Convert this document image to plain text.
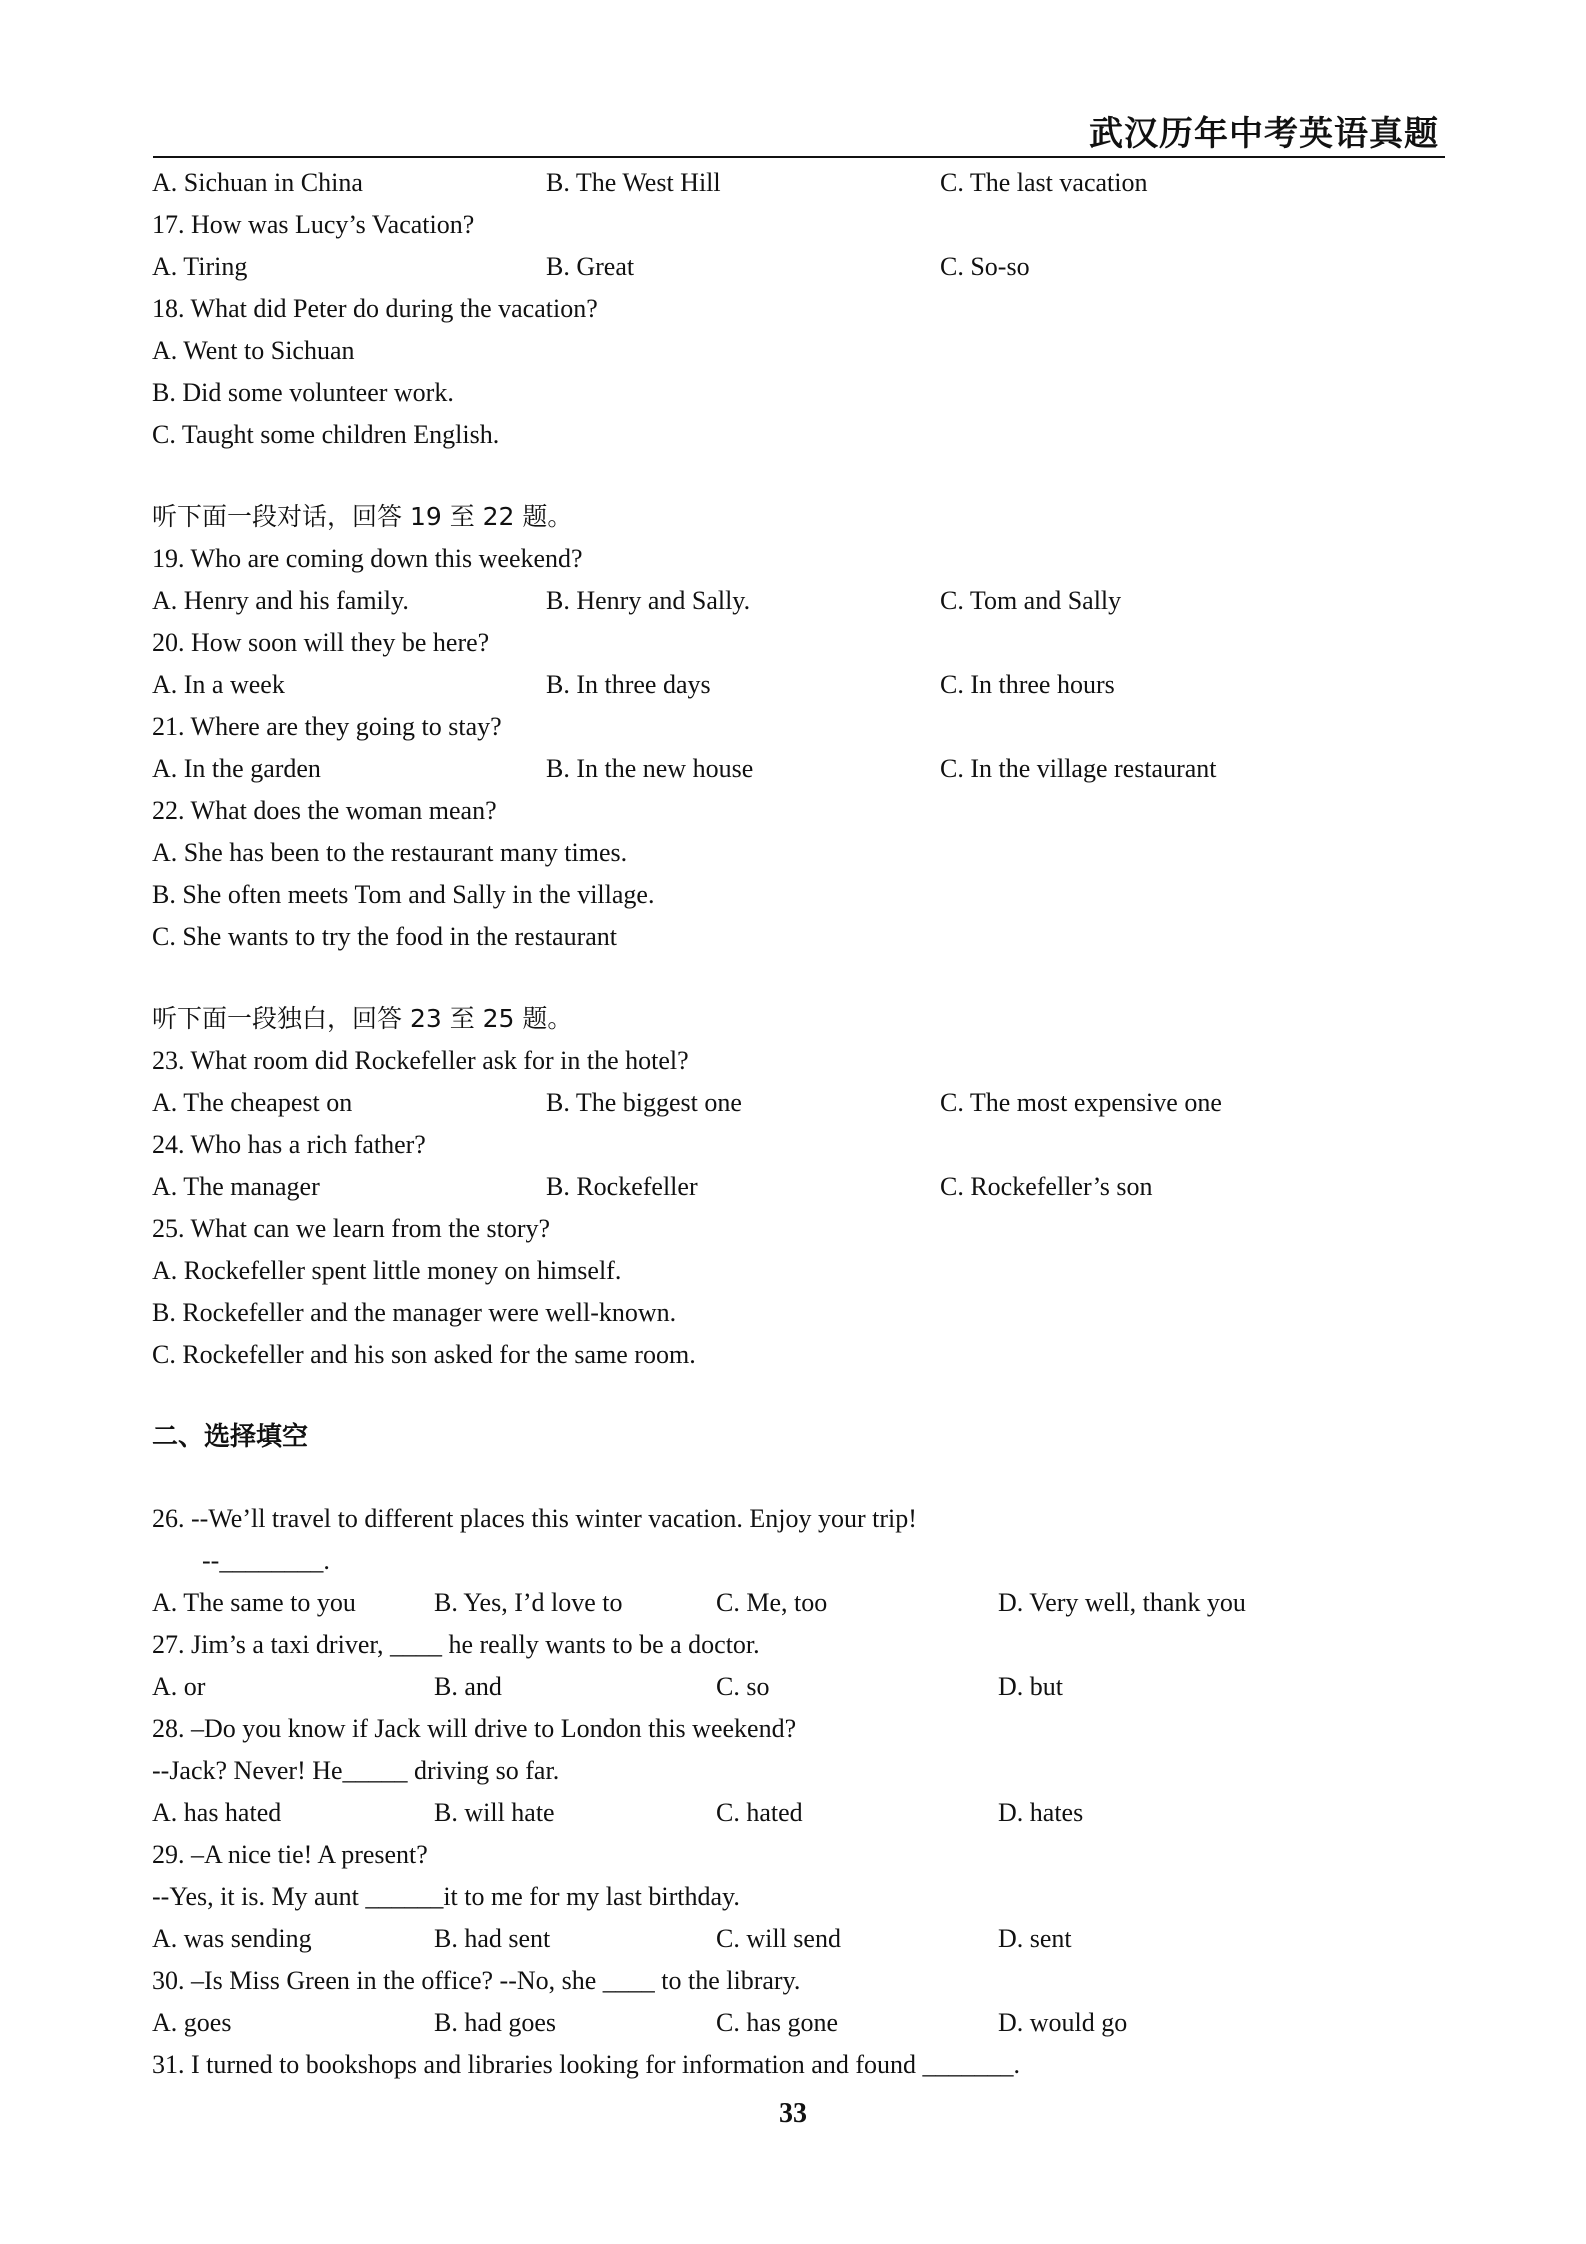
武汉历年中考英语真题
A. Sichuan in China	B. The West Hill	C. The last vacation
17. How was Lucy’s Vacation?
A. Tiring	B. Great	C. So-so
18. What did Peter do during the vacation?
A. Went to Sichuan
B. Did some volunteer work.
C. Taught some children English.
听下面一段对话，回答 19 至 22 题。
19. Who are coming down this weekend?
A. Henry and his family.	B. Henry and Sally.	C. Tom and Sally
20. How soon will they be here?
A. In a week	B. In three days	C. In three hours
21. Where are they going to stay?
A. In the garden	B. In the new house	C. In the village restaurant
22. What does the woman mean?
A. She has been to the restaurant many times.
B. She often meets Tom and Sally in the village.
C. She wants to try the food in the restaurant
听下面一段独白，回答 23 至 25 题。
23. What room did Rockefeller ask for in the hotel?
A. The cheapest on	B. The biggest one	C. The most expensive one
24. Who has a rich father?
A. The manager	B. Rockefeller	C. Rockefeller’s son
25. What can we learn from the story?
A. Rockefeller spent little money on himself.
B. Rockefeller and the manager were well-known.
C. Rockefeller and his son asked for the same room.
二、选择填空
26. --We’ll travel to different places this winter vacation. Enjoy your trip!
--________.
A. The same to you	B. Yes, I’d love to	C. Me, too	D. Very well, thank you
27. Jim’s a taxi driver, ____ he really wants to be a doctor.
A. or	B. and	C. so	D. but
28. –Do you know if Jack will drive to London this weekend?
--Jack? Never! He_____ driving so far.
A. has hated	B. will hate	C. hated	D. hates
29. –A nice tie! A present?
--Yes, it is. My aunt ______it to me for my last birthday.
A. was sending	B. had sent	C. will send	D. sent
30. –Is Miss Green in the office? --No, she ____ to the library.
A. goes	B. had goes	C. has gone	D. would go
31. I turned to bookshops and libraries looking for information and found _______.
33
